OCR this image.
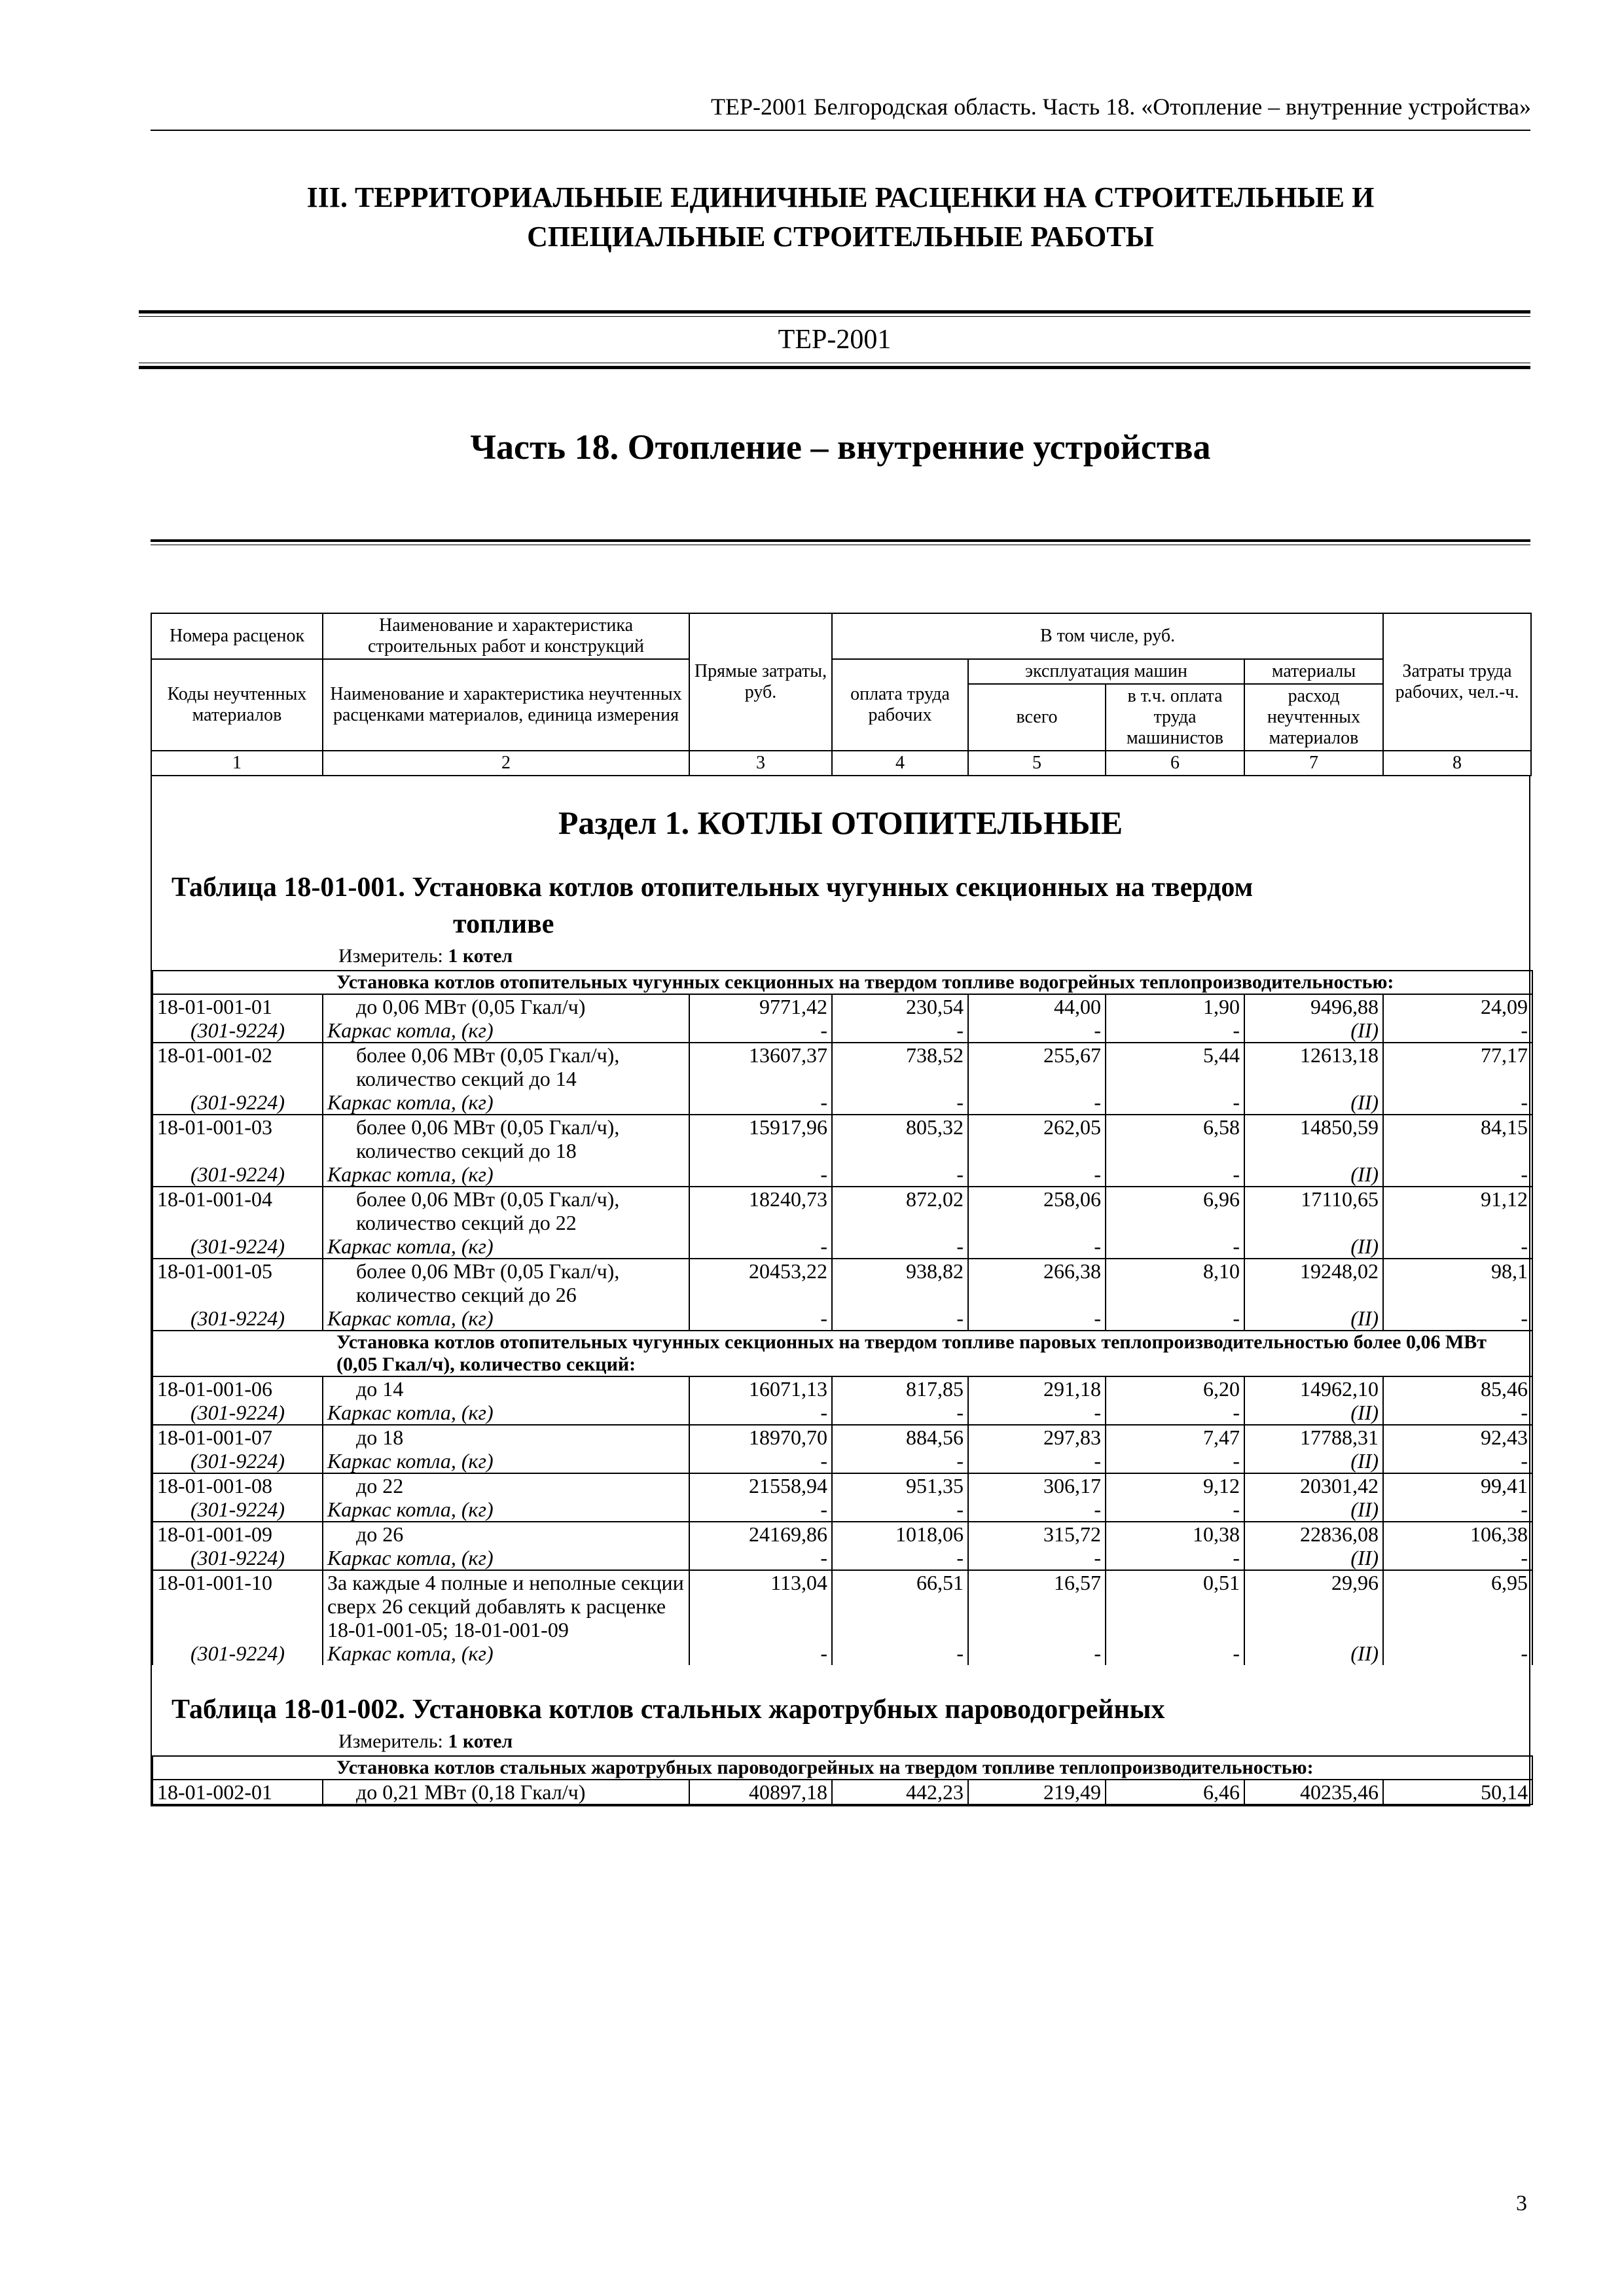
ТЕР-2001 Белгородская область. Часть 18. «Отопление – внутренние устройства»
III. ТЕРРИТОРИАЛЬНЫЕ ЕДИНИЧНЫЕ РАСЦЕНКИ НА СТРОИТЕЛЬНЫЕ И
СПЕЦИАЛЬНЫЕ СТРОИТЕЛЬНЫЕ РАБОТЫ
ТЕР-2001
Часть 18. Отопление – внутренние устройства
Номера расценок	Наименование и характеристика строительных работ и конструкций	Прямые затраты, руб.	В том числе, руб.				Затраты труда рабочих, чел.-ч.
Коды неучтенных материалов	Наименование и характеристика неучтенных расценками материалов, единица измерения		оплата труда рабочих	эксплуатация машин		материалы	
				всего	в т.ч. оплата труда машинистов	расход неучтенных материалов	
1	2	3	4	5	6	7	8
Раздел 1. КОТЛЫ ОТОПИТЕЛЬНЫЕ
Таблица 18-01-001. Установка котлов отопительных чугунных секционных на твердом
топливе
Измеритель: 1 котел
Установка котлов отопительных чугунных секционных на твердом топливе водогрейных теплопроизводительностью:							
18-01-001-01	до 0,06 МВт (0,05 Гкал/ч)	9771,42	230,54	44,00	1,90	9496,88	24,09
(301-9224)	Каркас котла, (кг)	-	-	-	-	(II)	-
18-01-001-02	более 0,06 МВт (0,05 Гкал/ч), количество секций до 14	13607,37	738,52	255,67	5,44	12613,18	77,17
(301-9224)	Каркас котла, (кг)	-	-	-	-	(II)	-
18-01-001-03	более 0,06 МВт (0,05 Гкал/ч), количество секций до 18	15917,96	805,32	262,05	6,58	14850,59	84,15
(301-9224)	Каркас котла, (кг)	-	-	-	-	(II)	-
18-01-001-04	более 0,06 МВт (0,05 Гкал/ч), количество секций до 22	18240,73	872,02	258,06	6,96	17110,65	91,12
(301-9224)	Каркас котла, (кг)	-	-	-	-	(II)	-
18-01-001-05	более 0,06 МВт (0,05 Гкал/ч), количество секций до 26	20453,22	938,82	266,38	8,10	19248,02	98,1
(301-9224)	Каркас котла, (кг)	-	-	-	-	(II)	-
Установка котлов отопительных чугунных секционных на твердом топливе паровых теплопроизводительностью более 0,06 МВт (0,05 Гкал/ч), количество секций:							
18-01-001-06	до 14	16071,13	817,85	291,18	6,20	14962,10	85,46
(301-9224)	Каркас котла, (кг)	-	-	-	-	(II)	-
18-01-001-07	до 18	18970,70	884,56	297,83	7,47	17788,31	92,43
(301-9224)	Каркас котла, (кг)	-	-	-	-	(II)	-
18-01-001-08	до 22	21558,94	951,35	306,17	9,12	20301,42	99,41
(301-9224)	Каркас котла, (кг)	-	-	-	-	(II)	-
18-01-001-09	до 26	24169,86	1018,06	315,72	10,38	22836,08	106,38
(301-9224)	Каркас котла, (кг)	-	-	-	-	(II)	-
18-01-001-10	За каждые 4 полные и неполные секции сверх 26 секций добавлять к расценке 18-01-001-05; 18-01-001-09	113,04	66,51	16,57	0,51	29,96	6,95
(301-9224)	Каркас котла, (кг)	-	-	-	-	(II)	-
Таблица 18-01-002. Установка котлов стальных жаротрубных пароводогрейных
Измеритель: 1 котел
Установка котлов стальных жаротрубных пароводогрейных на твердом топливе теплопроизводительностью:
18-01-002-01	до 0,21 МВт (0,18 Гкал/ч)	40897,18	442,23	219,49	6,46	40235,46	50,14
3
